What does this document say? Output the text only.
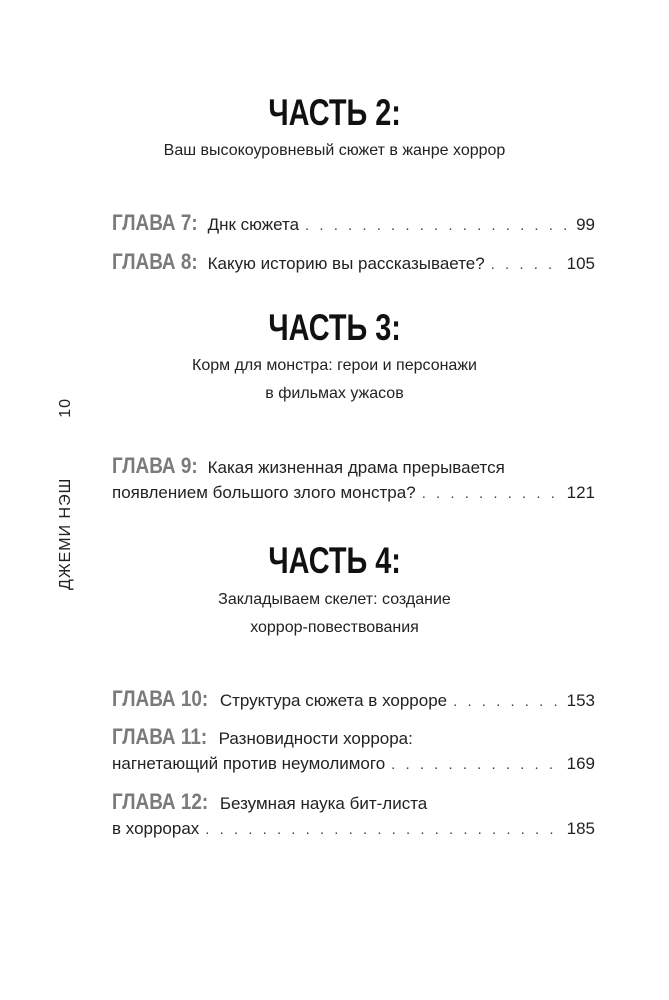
ДЖЕМИ НЭШ
10
ЧАСТЬ 2:
Ваш высокоуровневый сюжет в жанре хоррор
ГЛАВА 7: Днк сюжета . . .	99
ГЛАВА 8: Какую историю вы рассказываете? . . .	105
ЧАСТЬ 3:
Корм для монстра: герои и персонажи
в фильмах ужасов
ГЛАВА 9: Какая жизненная драма прерывается
появлением большого злого монстра? . . .	121
ЧАСТЬ 4:
Закладываем скелет: создание
хоррор-повествования
ГЛАВА 10: Структура сюжета в хорроре . . .	153
ГЛАВА 11: Разновидности хоррора:
нагнетающий против неумолимого . . .	169
ГЛАВА 12: Безумная наука бит-листа
в хоррорах . . .	185
